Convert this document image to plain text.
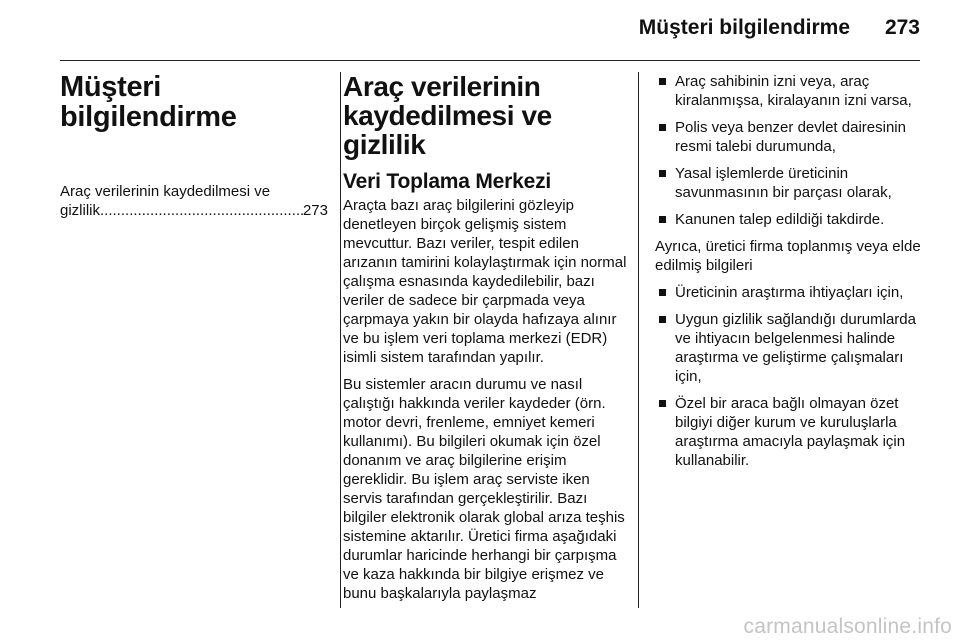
Müşteri bilgilendirme	273
Müşteri bilgilendirme
Araç verilerinin kaydedilmesi ve
gizlilik
.....	273
Araç verilerinin kaydedilmesi ve gizlilik
Veri Toplama Merkezi

Araçta bazı araç bilgilerini gözleyip denetleyen birçok gelişmiş sistem mevcuttur. Bazı veriler, tespit edilen arızanın tamirini kolaylaştırmak için normal çalışma esnasında kaydedilebilir, bazı veriler de sadece bir çarpmada veya çarpmaya yakın bir olayda hafızaya alınır ve bu işlem veri toplama merkezi (EDR) isimli sistem tarafından yapılır.

Bu sistemler aracın durumu ve nasıl çalıştığı hakkında veriler kaydeder (örn. motor devri, frenleme, emniyet kemeri kullanımı). Bu bilgileri okumak için özel donanım ve araç bilgilerine erişim gereklidir. Bu işlem araç serviste iken servis tarafından gerçekleştirilir. Bazı bilgiler elektronik olarak global arıza teşhis sistemine aktarılır. Üretici firma aşağıdaki durumlar haricinde herhangi bir çarpışma ve kaza hakkında bir bilgiye erişmez ve bunu başkalarıyla paylaşmaz

Araç sahibinin izni veya, araç kiralanmışsa, kiralayanın izni varsa,
Polis veya benzer devlet dairesinin resmi talebi durumunda,
Yasal işlemlerde üreticinin savunmasının bir parçası olarak,
Kanunen talep edildiği takdirde.

Ayrıca, üretici firma toplanmış veya elde edilmiş bilgileri

Üreticinin araştırma ihtiyaçları için,
Uygun gizlilik sağlandığı durumlarda ve ihtiyacın belgelenmesi halinde araştırma ve geliştirme çalışmaları için,
Özel bir araca bağlı olmayan özet bilgiyi diğer kurum ve kuruluşlarla araştırma amacıyla paylaşmak için kullanabilir.
carmanualsonline.info
